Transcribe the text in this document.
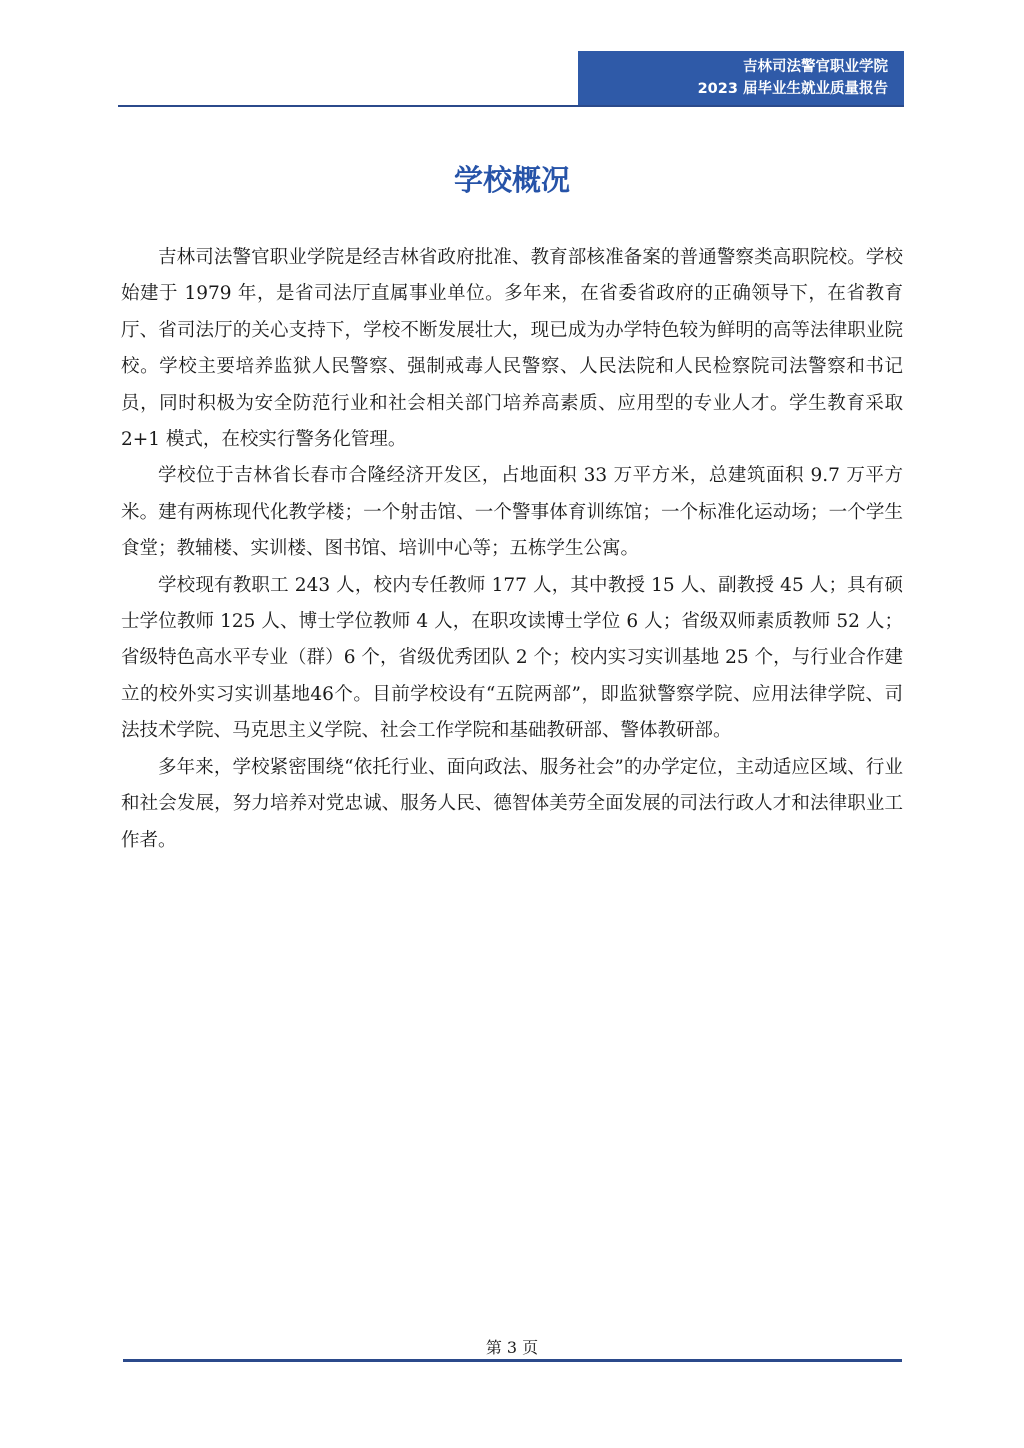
吉林司法警官职业学院
2023 届毕业生就业质量报告
学校概况

吉林司法警官职业学院是经吉林省政府批准、教育部核准备案的普通警察类高职院校。学校始建于 1979 年，是省司法厅直属事业单位。多年来，在省委省政府的正确领导下，在省教育厅、省司法厅的关心支持下，学校不断发展壮大，现已成为办学特色较为鲜明的高等法律职业院校。学校主要培养监狱人民警察、强制戒毒人民警察、人民法院和人民检察院司法警察和书记员，同时积极为安全防范行业和社会相关部门培养高素质、应用型的专业人才。学生教育采取 2+1 模式，在校实行警务化管理。

学校位于吉林省长春市合隆经济开发区，占地面积 33 万平方米，总建筑面积 9.7 万平方米。建有两栋现代化教学楼；一个射击馆、一个警事体育训练馆；一个标准化运动场；一个学生食堂；教辅楼、实训楼、图书馆、培训中心等；五栋学生公寓。

学校现有教职工 243 人，校内专任教师 177 人，其中教授 15 人、副教授 45 人；具有硕士学位教师 125 人、博士学位教师 4 人，在职攻读博士学位 6 人；省级双师素质教师 52 人；省级特色高水平专业（群）6 个，省级优秀团队 2 个；校内实习实训基地 25 个，与行业合作建立的校外实习实训基地46个。目前学校设有“五院两部”，即监狱警察学院、应用法律学院、司法技术学院、马克思主义学院、社会工作学院和基础教研部、警体教研部。

多年来，学校紧密围绕“依托行业、面向政法、服务社会”的办学定位，主动适应区域、行业和社会发展，努力培养对党忠诚、服务人民、德智体美劳全面发展的司法行政人才和法律职业工作者。

第 3 页
